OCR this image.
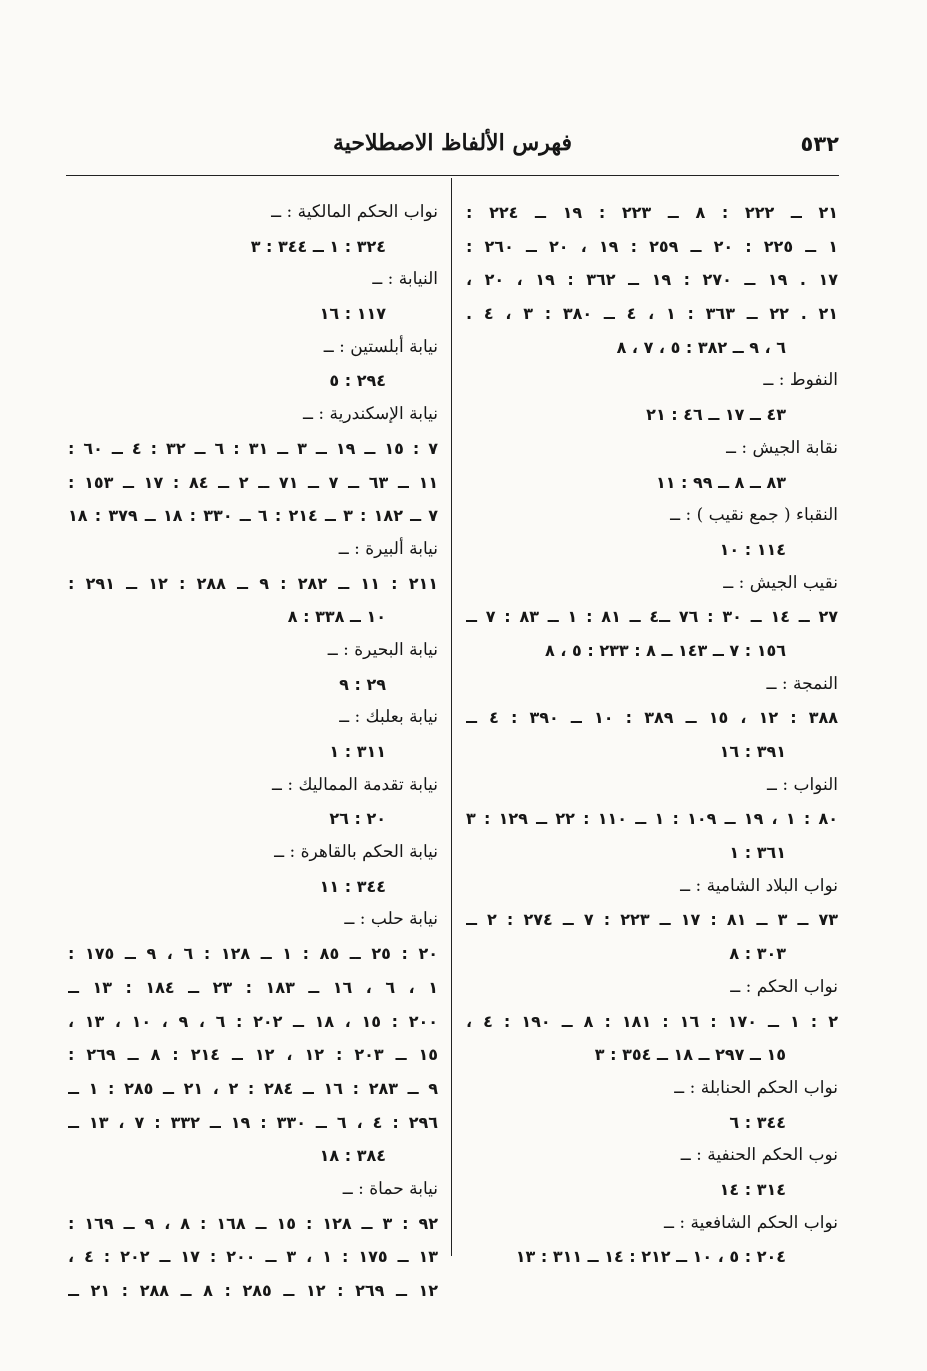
٥٣٢
فهرس الألفاظ الاصطلاحية
٢١ ــ ٢٢٢ : ٨ ــ ٢٢٣ : ١٩ ــ ٢٢٤ :
١ ــ ٢٢٥ : ٢٠ ــ ٢٥٩ : ١٩ ، ٢٠ ــ ٢٦٠ :
١٧ . ١٩ ــ ٢٧٠ : ١٩ ــ ٣٦٢ : ١٩ ، ٢٠ ،
٢١ . ٢٢ ــ ٣٦٣ : ١ ، ٤ ــ ٣٨٠ : ٣ ، ٤ .
٦ ، ٩ ــ ٣٨٢ : ٥ ، ٧ ، ٨
النفوط : ــ
٤٣ ــ ١٧ ــ ٤٦ : ٢١
نقابة الجيش : ــ
٨٣ ــ ٨ ــ ٩٩ : ١١
النقباء ( جمع نقيب ) : ــ
١١٤ : ١٠
نقيب الجيش : ــ
٢٧ ــ ١٤ ــ ٣٠ : ٧٦ ــ٤ ــ ٨١ : ١ ــ ٨٣ : ٧ ــ
١٥٦ : ٧ ــ ١٤٣ ــ ٨ : ٢٣٣ : ٥ ، ٨
النمجة : ــ
٣٨٨ : ١٢ ، ١٥ ــ ٣٨٩ : ١٠ ــ ٣٩٠ : ٤ ــ
٣٩١ : ١٦
النواب : ــ
٨٠ : ١ ، ١٩ ــ ١٠٩ : ١ ــ ١١٠ : ٢٢ ــ ١٢٩ : ٣
٣٦١ : ١
نواب البلاد الشامية : ــ
٧٣ ــ ٣ ــ ٨١ : ١٧ ــ ٢٢٣ : ٧ ــ ٢٧٤ : ٢ ــ
٣٠٣ : ٨
نواب الحكم : ــ
٢ : ١ ــ ١٧٠ : ١٦ : ١٨١ : ٨ ــ ١٩٠ : ٤ ،
١٥ ــ ٢٩٧ ــ ١٨ ــ ٣٥٤ : ٣
نواب الحكم الحنابلة : ــ
٣٤٤ : ٦
نوب الحكم الحنفية : ــ
٣١٤ : ١٤
نواب الحكم الشافعية : ــ
٢٠٤ : ٥ ، ١٠ ــ ٢١٢ : ١٤ ــ ٣١١ : ١٣
نواب الحكم المالكية : ــ
٣٢٤ : ١ ــ ٣٤٤ : ٣
النيابة : ــ
١١٧ : ١٦
نيابة أبلستين : ــ
٢٩٤ : ٥
نيابة الإسكندرية : ــ
٧ : ١٥ ــ ١٩ ــ ٣ ــ ٣١ : ٦ ــ ٣٢ : ٤ ــ ٦٠ :
١١ ــ ٦٣ ــ ٧ ــ ٧١ ــ ٢ ــ ٨٤ : ١٧ ــ ١٥٣ :
٧ ــ ١٨٢ : ٣ ــ ٢١٤ : ٦ ــ ٣٣٠ : ١٨ ــ ٣٧٩ : ١٨
نيابة ألبيرة : ــ
٢١١ : ١١ ــ ٢٨٢ : ٩ ــ ٢٨٨ : ١٢ ــ ٢٩١ :
١٠ ــ ٣٣٨ : ٨
نيابة البحيرة : ــ
٢٩ : ٩
نيابة بعلبك : ــ
٣١١ : ١
نيابة تقدمة المماليك : ــ
٢٠ : ٢٦
نيابة الحكم بالقاهرة : ــ
٣٤٤ : ١١
نيابة حلب : ــ
٢٠ : ٢٥ ــ ٨٥ : ١ ــ ١٢٨ : ٦ ، ٩ ــ ١٧٥ :
١ ، ٦ ، ١٦ ــ ١٨٣ : ٢٣ ــ ١٨٤ : ١٣ ــ
٢٠٠ : ١٥ ، ١٨ ــ ٢٠٢ : ٦ ، ٩ ، ١٠ ، ١٣ ،
١٥ ــ ٢٠٣ : ١٢ ، ١٢ ــ ٢١٤ : ٨ ــ ٢٦٩ :
٩ ــ ٢٨٣ : ١٦ ــ ٢٨٤ : ٢ ، ٢١ ــ ٢٨٥ : ١ ــ
٢٩٦ : ٤ ، ٦ ــ ٣٣٠ : ١٩ ــ ٣٣٢ : ٧ ، ١٣ ــ
٣٨٤ : ١٨
نيابة حماة : ــ
٩٢ : ٣ ــ ١٢٨ : ١٥ ــ ١٦٨ : ٨ ، ٩ ــ ١٦٩ :
١٣ ــ ١٧٥ : ١ ، ٣ ــ ٢٠٠ : ١٧ ــ ٢٠٢ : ٤ ،
١٢ ــ ٢٦٩ : ١٢ ــ ٢٨٥ : ٨ ــ ٢٨٨ : ٢١ ــ
